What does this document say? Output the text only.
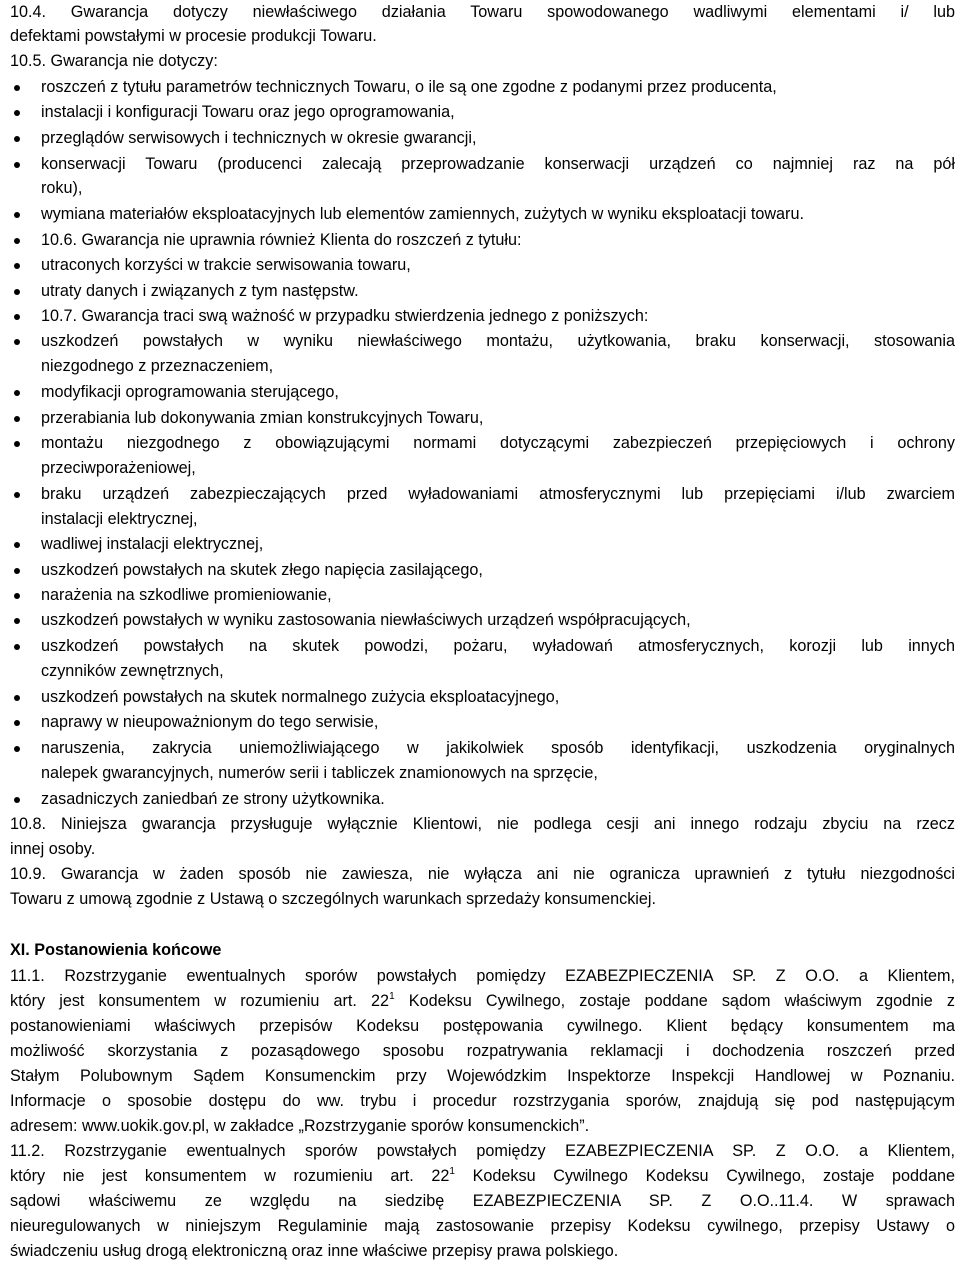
10.4. Gwarancja dotyczy niewłaściwego działania Towaru spowodowanego wadliwymi elementami i/ lub
defektami powstałymi w procesie produkcji Towaru.
10.5. Gwarancja nie dotyczy:
roszczeń z tytułu parametrów technicznych Towaru, o ile są one zgodne z podanymi przez producenta,
instalacji i konfiguracji Towaru oraz jego oprogramowania,
przeglądów serwisowych i technicznych w okresie gwarancji,
konserwacji Towaru (producenci zalecają przeprowadzanie konserwacji urządzeń co najmniej raz na pół
roku),
wymiana materiałów eksploatacyjnych lub elementów zamiennych, zużytych w wyniku eksploatacji towaru.
10.6. Gwarancja nie uprawnia również Klienta do roszczeń z tytułu:
utraconych korzyści w trakcie serwisowania towaru,
utraty danych i związanych z tym następstw.
10.7. Gwarancja traci swą ważność w przypadku stwierdzenia jednego z poniższych:
uszkodzeń powstałych w wyniku niewłaściwego montażu, użytkowania, braku konserwacji, stosowania
niezgodnego z przeznaczeniem,
modyfikacji oprogramowania sterującego,
przerabiania lub dokonywania zmian konstrukcyjnych Towaru,
montażu niezgodnego z obowiązującymi normami dotyczącymi zabezpieczeń przepięciowych i ochrony
przeciwporażeniowej,
braku urządzeń zabezpieczających przed wyładowaniami atmosferycznymi lub przepięciami i/lub zwarciem
instalacji elektrycznej,
wadliwej instalacji elektrycznej,
uszkodzeń powstałych na skutek złego napięcia zasilającego,
narażenia na szkodliwe promieniowanie,
uszkodzeń powstałych w wyniku zastosowania niewłaściwych urządzeń współpracujących,
uszkodzeń powstałych na skutek powodzi, pożaru, wyładowań atmosferycznych, korozji lub innych
czynników zewnętrznych,
uszkodzeń powstałych na skutek normalnego zużycia eksploatacyjnego,
naprawy w nieupoważnionym do tego serwisie,
naruszenia, zakrycia uniemożliwiającego w jakikolwiek sposób identyfikacji, uszkodzenia oryginalnych
nalepek gwarancyjnych, numerów serii i tabliczek znamionowych na sprzęcie,
zasadniczych zaniedbań ze strony użytkownika.
10.8. Niniejsza gwarancja przysługuje wyłącznie Klientowi, nie podlega cesji ani innego rodzaju zbyciu na rzecz
innej osoby.
10.9. Gwarancja w żaden sposób nie zawiesza, nie wyłącza ani nie ogranicza uprawnień z tytułu niezgodności
Towaru z umową zgodnie z Ustawą o szczególnych warunkach sprzedaży konsumenckiej.
XI. Postanowienia końcowe
11.1. Rozstrzyganie ewentualnych sporów powstałych pomiędzy EZABEZPIECZENIA SP. Z O.O. a Klientem,
który jest konsumentem w rozumieniu art. $22^1$ Kodeksu Cywilnego, zostaje poddane sądom właściwym zgodnie z
postanowieniami właściwych przepisów Kodeksu postępowania cywilnego. Klient będący konsumentem ma
możliwość skorzystania z pozasądowego sposobu rozpatrywania reklamacji i dochodzenia roszczeń przed
Stałym Polubownym Sądem Konsumenckim przy Wojewódzkim Inspektorze Inspekcji Handlowej w Poznaniu.
Informacje o sposobie dostępu do ww. trybu i procedur rozstrzygania sporów, znajdują się pod następującym
adresem: www.uokik.gov.pl, w zakładce „Rozstrzyganie sporów konsumenckich”.
11.2. Rozstrzyganie ewentualnych sporów powstałych pomiędzy EZABEZPIECZENIA SP. Z O.O. a Klientem,
który nie jest konsumentem w rozumieniu art. $22^1$ Kodeksu Cywilnego Kodeksu Cywilnego, zostaje poddane
sądowi właściwemu ze względu na siedzibę EZABEZPIECZENIA SP. Z O.O..11.4. W sprawach
nieuregulowanych w niniejszym Regulaminie mają zastosowanie przepisy Kodeksu cywilnego, przepisy Ustawy o
świadczeniu usług drogą elektroniczną oraz inne właściwe przepisy prawa polskiego.
